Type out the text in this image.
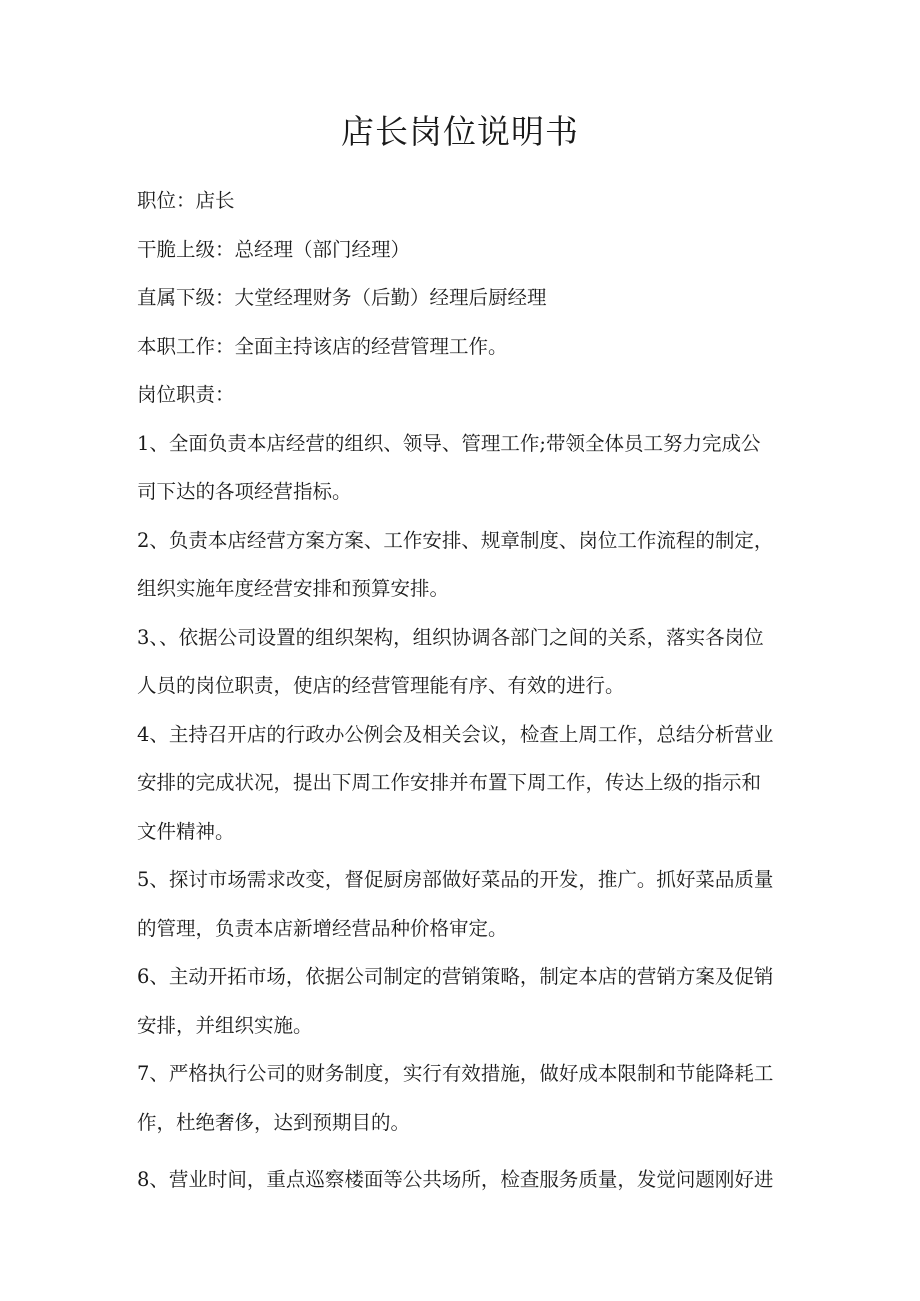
店长岗位说明书

职位：店长

干脆上级：总经理（部门经理）

直属下级：大堂经理财务（后勤）经理后厨经理

本职工作：全面主持该店的经营管理工作。

岗位职责：

1、全面负责本店经营的组织、领导、管理工作;带领全体员工努力完成公

司下达的各项经营指标。

2、负责本店经营方案方案、工作安排、规章制度、岗位工作流程的制定，

组织实施年度经营安排和预算安排。

3、、依据公司设置的组织架构，组织协调各部门之间的关系，落实各岗位

人员的岗位职责，使店的经营管理能有序、有效的进行。

4、主持召开店的行政办公例会及相关会议，检查上周工作，总结分析营业

安排的完成状况，提出下周工作安排并布置下周工作，传达上级的指示和

文件精神。

5、探讨市场需求改变，督促厨房部做好菜品的开发，推广。抓好菜品质量

的管理，负责本店新增经营品种价格审定。

6、主动开拓市场，依据公司制定的营销策略，制定本店的营销方案及促销

安排，并组织实施。

7、严格执行公司的财务制度，实行有效措施，做好成本限制和节能降耗工

作，杜绝奢侈，达到预期目的。

8、营业时间，重点巡察楼面等公共场所，检查服务质量，发觉问题刚好进
